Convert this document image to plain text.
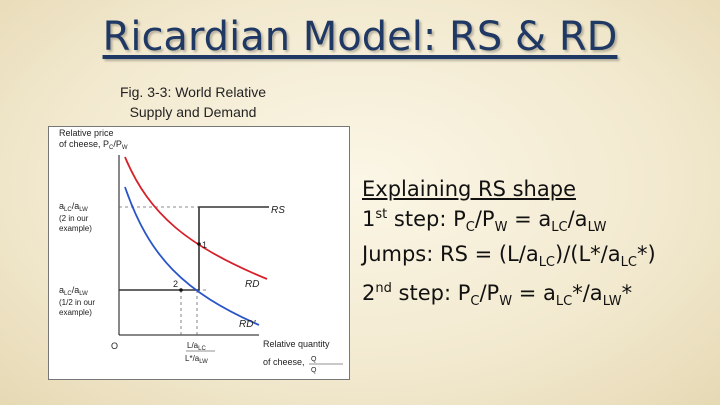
Ricardian Model: RS & RD
Fig. 3-3: World Relative
Supply and Demand
Relative price
of cheese, $P_C/P_W$
1
2
RS
RD
RD'
$a_{LC}/a_{LW}$
(2 in our
example)
$a_{LC}/a_{LW}$
(1/2 in our
example)
O	$L/a_{LC}$
$L*/a_{LW}$
Relative quantity
of cheese, Q
Q
Explaining RS shape
1st step: $P_C/P_W = a_{LC}/a_{LW}$
Jumps: RS = $(L/a_{LC})/(L*/a_{LC}*)$
2nd step: $P_C/P_W = a_{LC}*/a_{LW}*$
